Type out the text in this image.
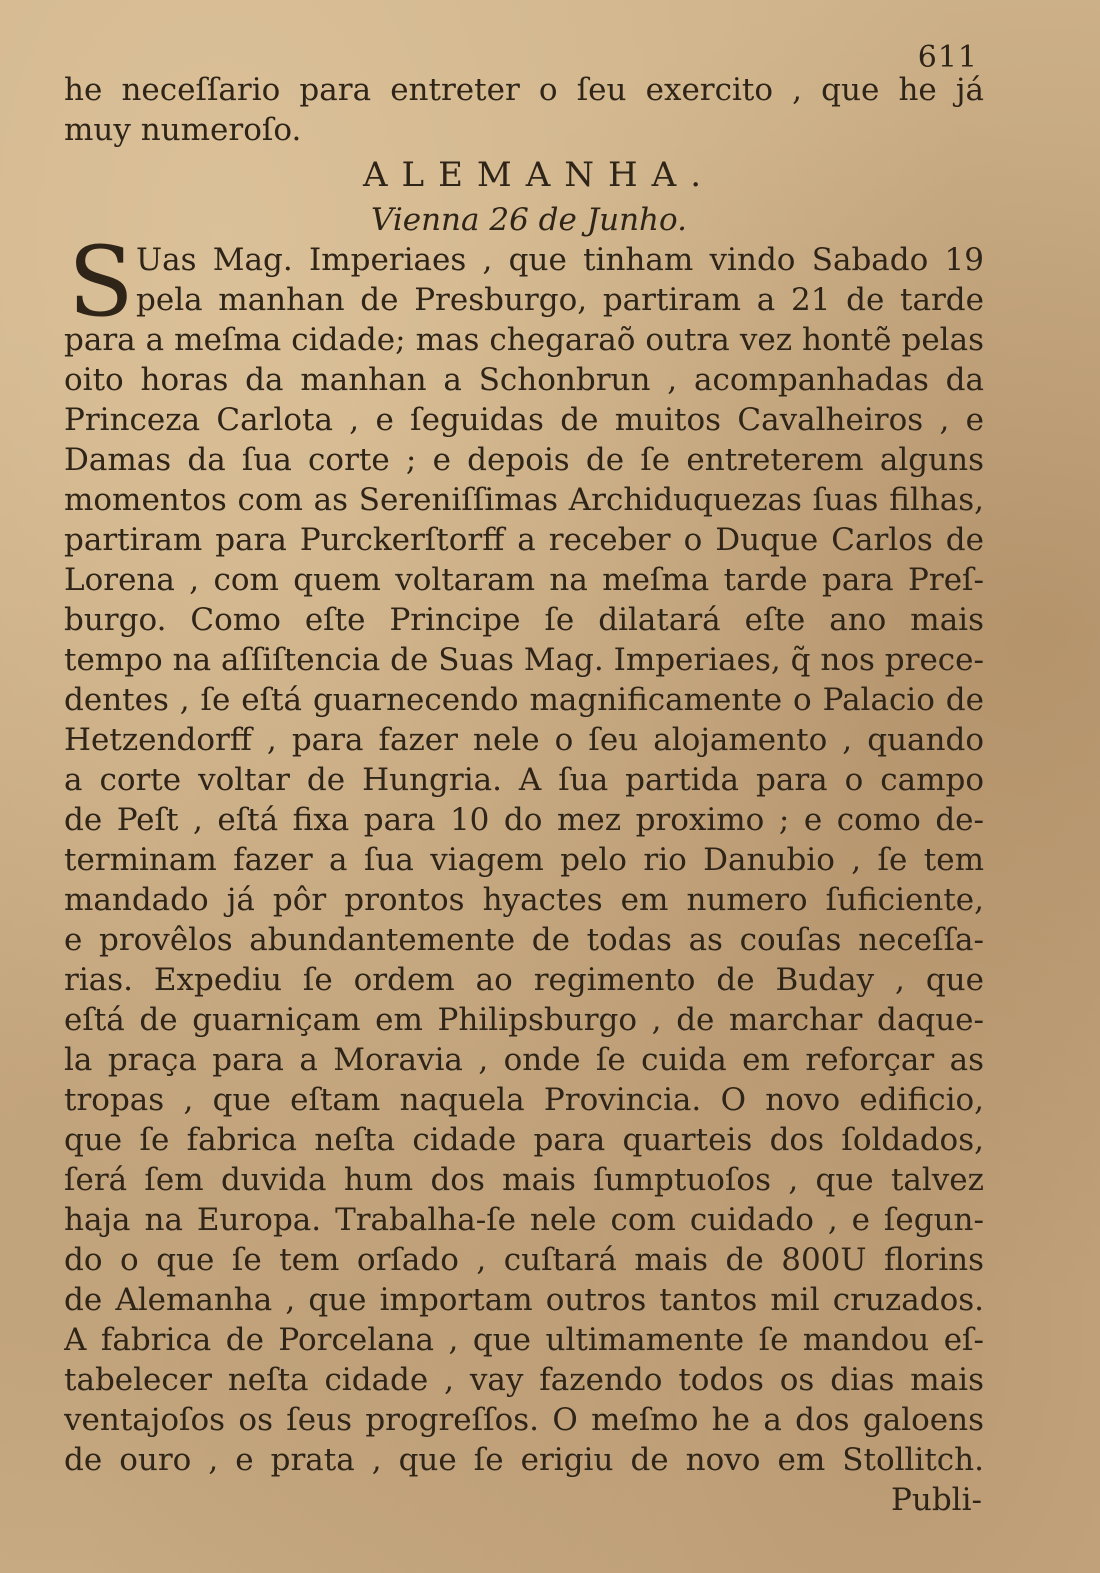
611
he neceſſario para entreter o ſeu exercito , que he já
muy numeroſo.
ALEMANHA.
Vienna 26 de Junho.
S Uas Mag. Imperiaes , que tinham vindo Sabado 19
pela manhan de Presburgo, partiram a 21 de tarde
para a meſma cidade; mas chegaraõ outra vez hontẽ pelas
oito horas da manhan a Schonbrun , acompanhadas da
Princeza Carlota , e ſeguidas de muitos Cavalheiros , e
Damas da ſua corte ; e depois de ſe entreterem alguns
momentos com as Sereniſſimas Archiduquezas ſuas filhas,
partiram para Purckerſtorff a receber o Duque Carlos de
Lorena , com quem voltaram na meſma tarde para Preſ-
burgo. Como eſte Principe ſe dilatará eſte ano mais
tempo na aſſiſtencia de Suas Mag. Imperiaes, q̃ nos prece-
dentes , ſe eſtá guarnecendo magnificamente o Palacio de
Hetzendorff , para fazer nele o ſeu alojamento , quando
a corte voltar de Hungria. A ſua partida para o campo
de Peſt , eſtá fixa para 10 do mez proximo ; e como de-
terminam fazer a ſua viagem pelo rio Danubio , ſe tem
mandado já pôr prontos hyactes em numero ſuficiente,
e provêlos abundantemente de todas as couſas neceſſa-
rias. Expediu ſe ordem ao regimento de Buday , que
eſtá de guarniçam em Philipsburgo , de marchar daque-
la praça para a Moravia , onde ſe cuida em reforçar as
tropas , que eſtam naquela Provincia. O novo edificio,
que ſe fabrica neſta cidade para quarteis dos ſoldados,
ſerá ſem duvida hum dos mais ſumptuoſos , que talvez
haja na Europa. Trabalha-ſe nele com cuidado , e ſegun-
do o que ſe tem orſado , cuſtará mais de 800U florins
de Alemanha , que importam outros tantos mil cruzados.
A fabrica de Porcelana , que ultimamente ſe mandou eſ-
tabelecer neſta cidade , vay fazendo todos os dias mais
ventajoſos os ſeus progreſſos. O meſmo he a dos galoens
de ouro , e prata , que ſe erigiu de novo em Stollitch.
Publi-
